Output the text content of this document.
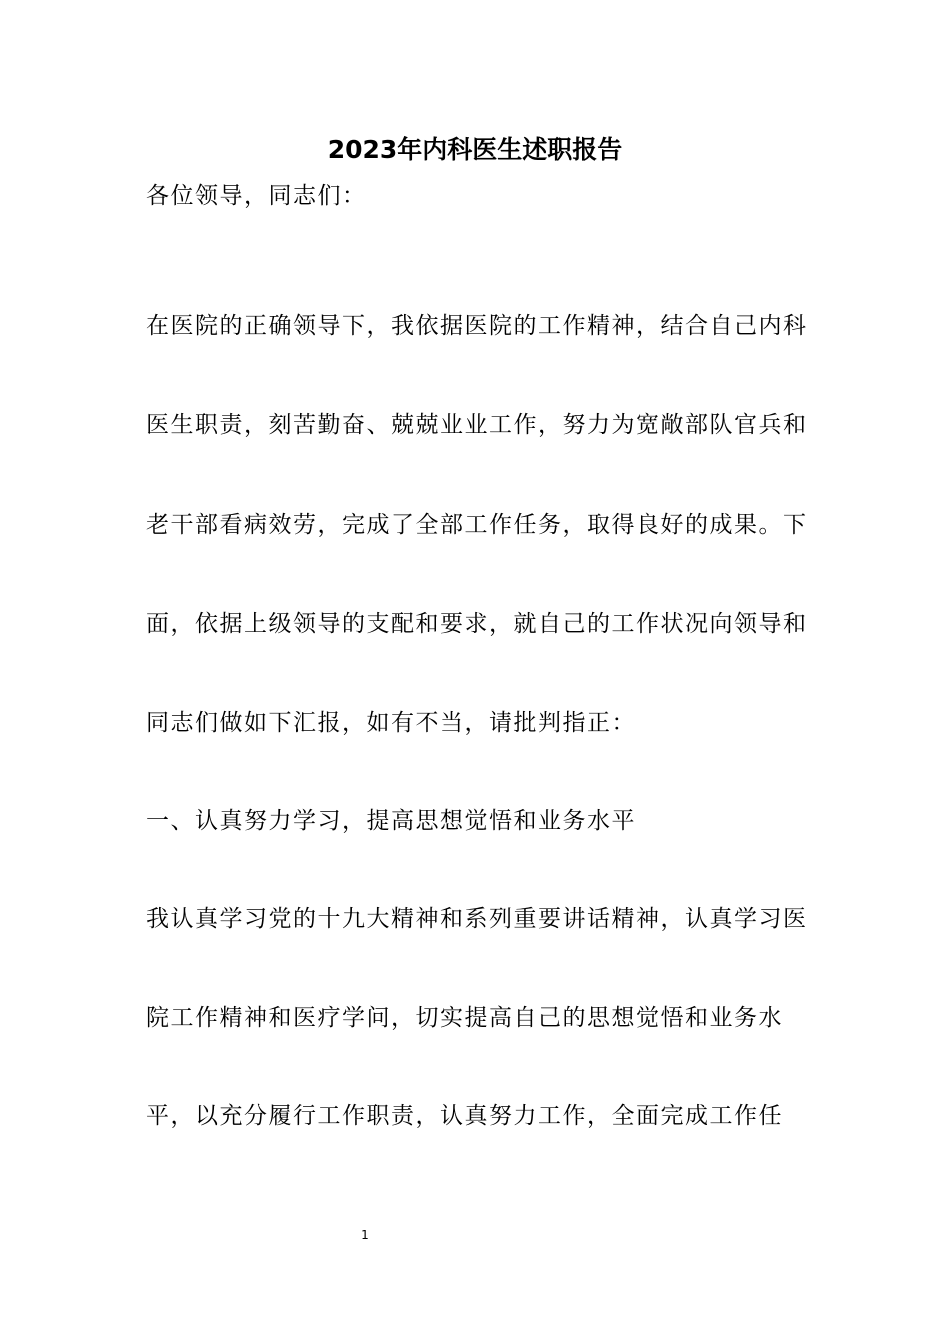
2023年内科医生述职报告
各位领导，同志们：
在医院的正确领导下，我依据医院的工作精神，结合自己内科
医生职责，刻苦勤奋、兢兢业业工作，努力为宽敞部队官兵和
老干部看病效劳，完成了全部工作任务，取得良好的成果。下
面，依据上级领导的支配和要求，就自己的工作状况向领导和
同志们做如下汇报，如有不当，请批判指正：
一、认真努力学习，提高思想觉悟和业务水平
我认真学习党的十九大精神和系列重要讲话精神，认真学习医
院工作精神和医疗学问，切实提高自己的思想觉悟和业务水
平，以充分履行工作职责，认真努力工作，全面完成工作任
1
